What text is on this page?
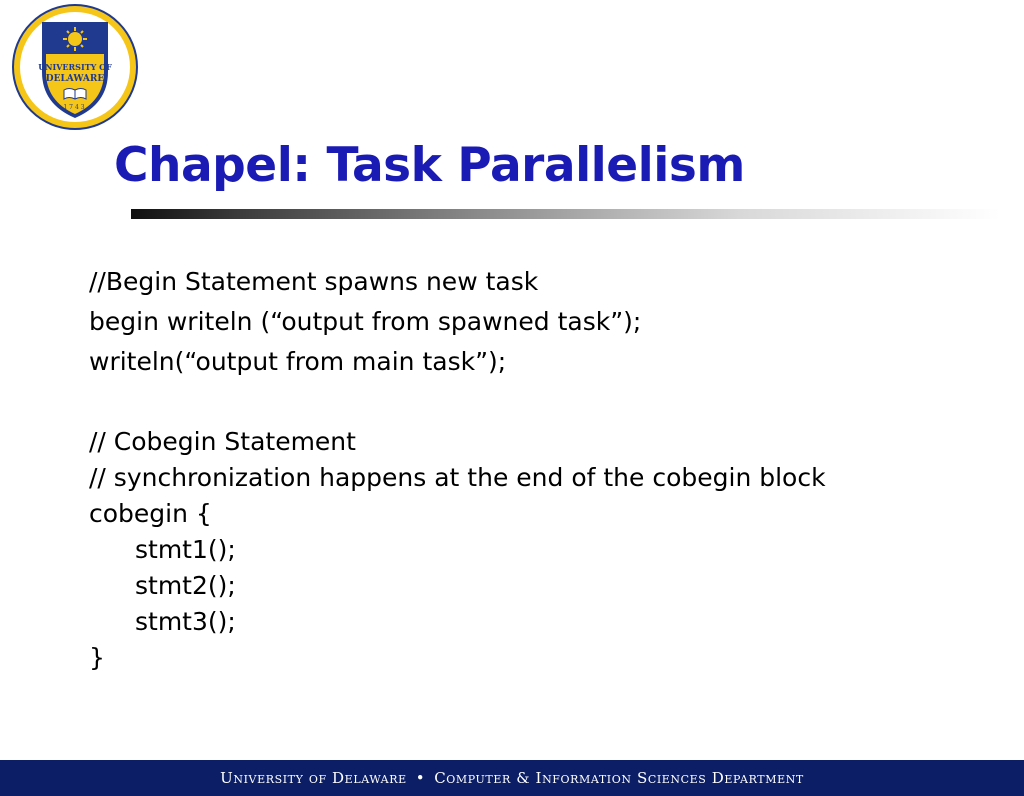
UNIVERSITY OF
DELAWARE
1743
Chapel: Task Parallelism
//Begin Statement spawns new task
begin writeln (“output from spawned task”);
writeln(“output from main task”);
// Cobegin Statement
// synchronization happens at the end of the cobegin block
cobegin {
stmt1();
stmt2();
stmt3();
}
University of Delaware • Computer & Information Sciences Department
